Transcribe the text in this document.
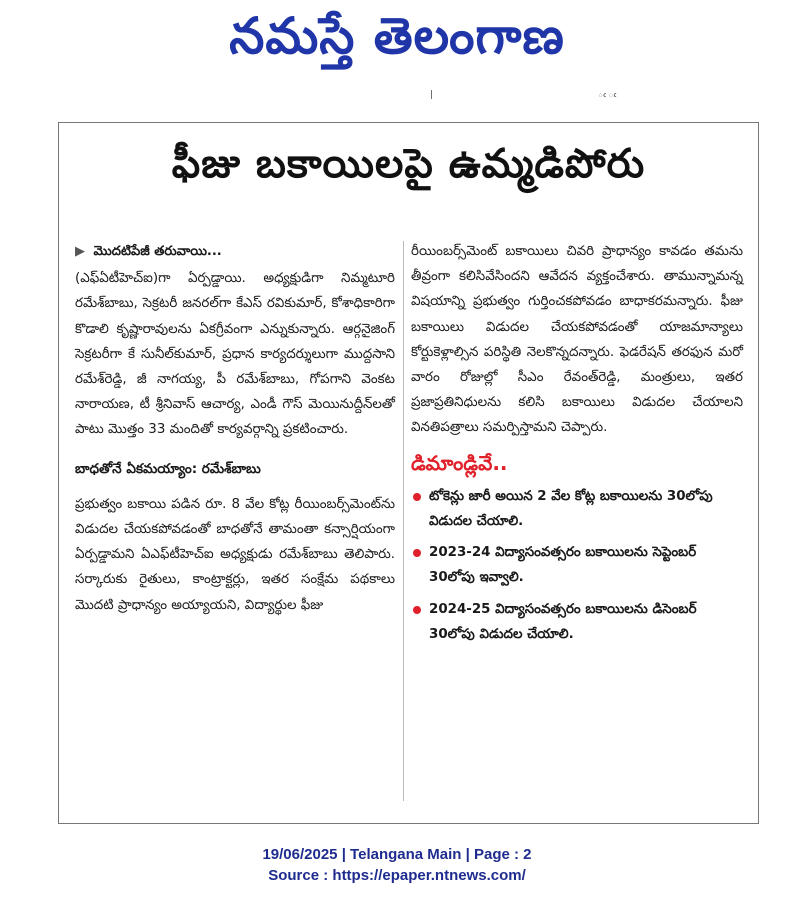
నమస్తే తెలంగాణ
|	ఁ ఁ
ఫీజు బకాయిలపై ఉమ్మడిపోరు
▶ మొదటిపేజీ తరువాయి...

(ఎఫ్ఏటీహెచ్ఐ)గా ఏర్పడ్డాయి. అధ్యక్షుడిగా నిమ్మటూరి రమేశ్‌బాబు, సెక్రటరీ జనరల్‌గా కేఎస్ రవికుమార్, కోశాధికారిగా కొడాలి కృష్ణారావులను ఏకగ్రీవంగా ఎన్నుకున్నారు. ఆర్గనైజింగ్ సెక్రటరీగా కే సునీల్‌కుమార్, ప్రధాన కార్యదర్శులుగా ముద్దసాని రమేశ్‌రెడ్డి, జీ నాగయ్య, పీ రమేశ్‌బాబు, గోపగాని వెంకట నారాయణ, టీ శ్రీనివాస్ ఆచార్య, ఎండీ గౌస్ మెయినుద్దీన్‌లతో పాటు మొత్తం 33 మందితో కార్యవర్గాన్ని ప్రకటించారు.

బాధతోనే ఏకమయ్యాం: రమేశ్‌బాబు

ప్రభుత్వం బకాయి పడిన రూ. 8 వేల కోట్ల రీయింబర్స్‌మెంట్‌ను విడుదల చేయకపోవడంతో బాధతోనే తామంతా కన్సార్షియంగా ఏర్పడ్డామని ఏఎఫ్‌టీహెచ్ఐ అధ్యక్షుడు రమేశ్‌బాబు తెలిపారు. సర్కారుకు రైతులు, కాంట్రాక్టర్లు, ఇతర సంక్షేమ పథకాలు మొదటి ప్రాధాన్యం అయ్యాయని, విద్యార్థుల ఫీజు

రీయింబర్స్‌మెంట్ బకాయిలు చివరి ప్రాధాన్యం కావడం తమను తీవ్రంగా కలిసివేసిందని ఆవేదన వ్యక్తంచేశారు. తామున్నామన్న విషయాన్ని ప్రభుత్వం గుర్తించకపోవడం బాధాకరమన్నారు. ఫీజు బకాయిలు విడుదల చేయకపోవడంతో యాజమాన్యాలు కోర్టుకెళ్లాల్సిన పరిస్థితి నెలకొన్నదన్నారు. ఫెడరేషన్ తరఫున మరో వారం రోజుల్లో సీఎం రేవంత్‌రెడ్డి, మంత్రులు, ఇతర ప్రజాప్రతినిధులను కలిసి బకాయిలు విడుదల చేయాలని వినతిపత్రాలు సమర్పిస్తామని చెప్పారు.

డిమాండ్లివే..
టోకెన్లు జారీ అయిన 2 వేల కోట్ల బకాయిలను 30లోపు విడుదల చేయాలి.
2023-24 విద్యాసంవత్సరం బకాయిలను సెప్టెంబర్ 30లోపు ఇవ్వాలి.
2024-25 విద్యాసంవత్సరం బకాయిలను డిసెంబర్ 30లోపు విడుదల చేయాలి.
19/06/2025 | Telangana Main | Page : 2
Source : https://epaper.ntnews.com/
